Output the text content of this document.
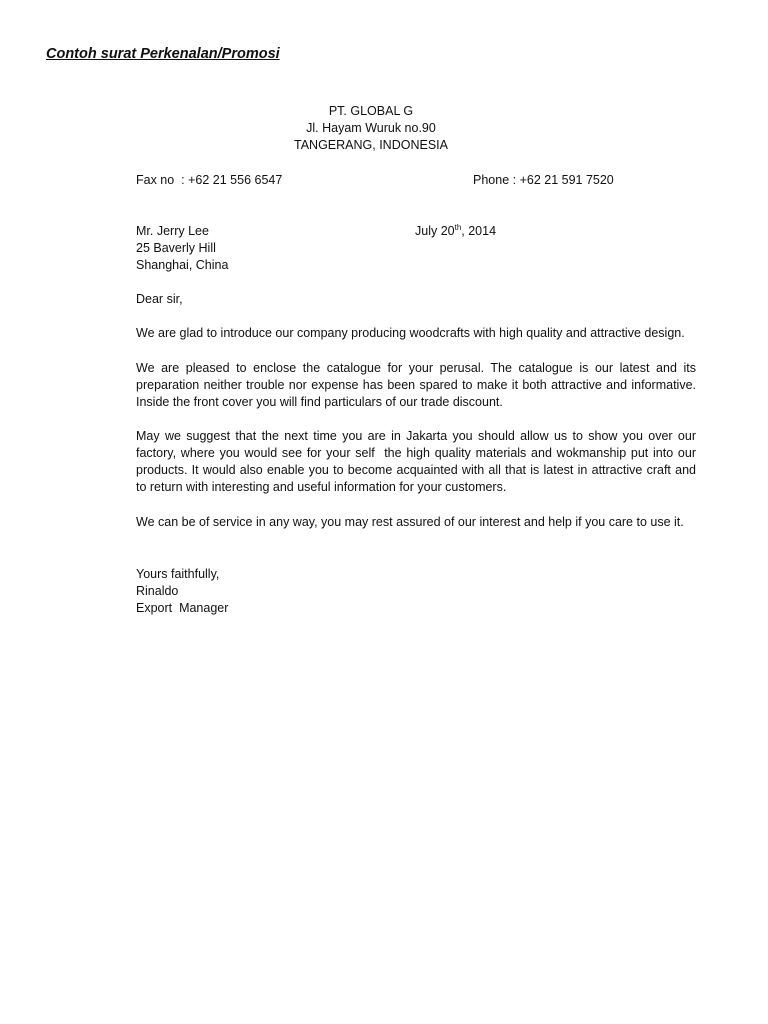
Contoh surat Perkenalan/Promosi
PT. GLOBAL G
Jl. Hayam Wuruk no.90
TANGERANG, INDONESIA
Fax no  : +62 21 556 6547	Phone : +62 21 591 7520
Mr. Jerry Lee
25 Baverly Hill
Shanghai, China
July 20th, 2014
Dear sir,

We are glad to introduce our company producing woodcrafts with high quality and attractive design.

We are pleased to enclose the catalogue for your perusal. The catalogue is our latest and its preparation neither trouble nor expense has been spared to make it both attractive and informative. Inside the front cover you will find particulars of our trade discount.

May we suggest that the next time you are in Jakarta you should allow us to show you over our factory, where you would see for your self  the high quality materials and wokmanship put into our products. It would also enable you to become acquainted with all that is latest in attractive craft and to return with interesting and useful information for your customers.

We can be of service in any way, you may rest assured of our interest and help if you care to use it.

Yours faithfully,
Rinaldo
Export  Manager
